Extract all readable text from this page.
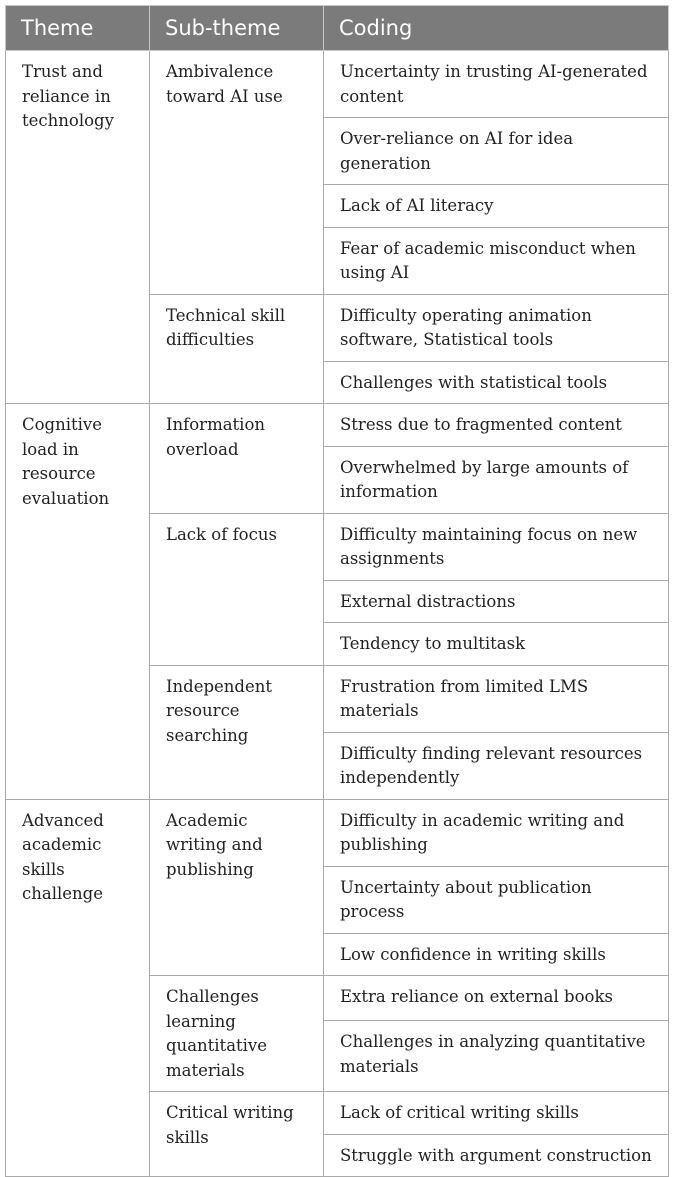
Theme	Sub-theme	Coding
Trust and reliance in technology	Ambivalence toward AI use	Uncertainty in trusting AI-generated content
		Over-reliance on AI for idea generation
		Lack of AI literacy
		Fear of academic misconduct when using AI
	Technical skill difficulties	Difficulty operating animation software, Statistical tools
		Challenges with statistical tools
Cognitive load in resource evaluation	Information overload	Stress due to fragmented content
		Overwhelmed by large amounts of information
	Lack of focus	Difficulty maintaining focus on new assignments
		External distractions
		Tendency to multitask
	Independent resource searching	Frustration from limited LMS materials
		Difficulty finding relevant resources independently
Advanced academic skills challenge	Academic writing and publishing	Difficulty in academic writing and publishing
		Uncertainty about publication process
		Low confidence in writing skills
	Challenges learning quantitative materials	Extra reliance on external books
		Challenges in analyzing quantitative materials
	Critical writing skills	Lack of critical writing skills
		Struggle with argument construction
